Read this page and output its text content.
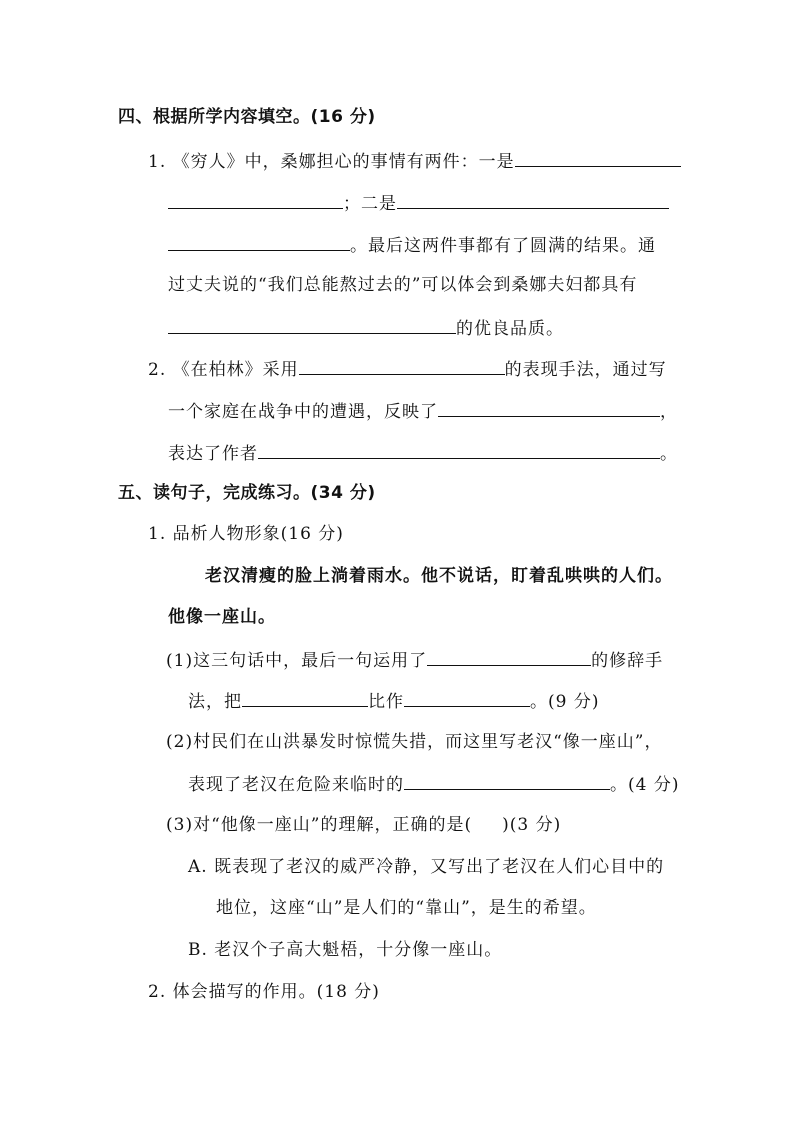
四、根据所学内容填空。(16 分)
1. 《穷人》中，桑娜担心的事情有两件：一是
；二是
。最后这两件事都有了圆满的结果。通
过丈夫说的“我们总能熬过去的”可以体会到桑娜夫妇都具有
的优良品质。
2. 《在柏林》采用	的表现手法，通过写
一个家庭在战争中的遭遇，反映了	，
表达了作者	。
五、读句子，完成练习。(34 分)
1. 品析人物形象(16 分)
老汉清瘦的脸上淌着雨水。他不说话，盯着乱哄哄的人们。
他像一座山。
(1)这三句话中，最后一句运用了	的修辞手
法，把	比作	。(9 分)
(2)村民们在山洪暴发时惊慌失措，而这里写老汉“像一座山”，
表现了老汉在危险来临时的	。(4 分)
(3)对“他像一座山”的理解，正确的是( )(3 分)
A. 既表现了老汉的威严冷静，又写出了老汉在人们心目中的
地位，这座“山”是人们的“靠山”，是生的希望。
B. 老汉个子高大魁梧，十分像一座山。
2. 体会描写的作用。(18 分)
